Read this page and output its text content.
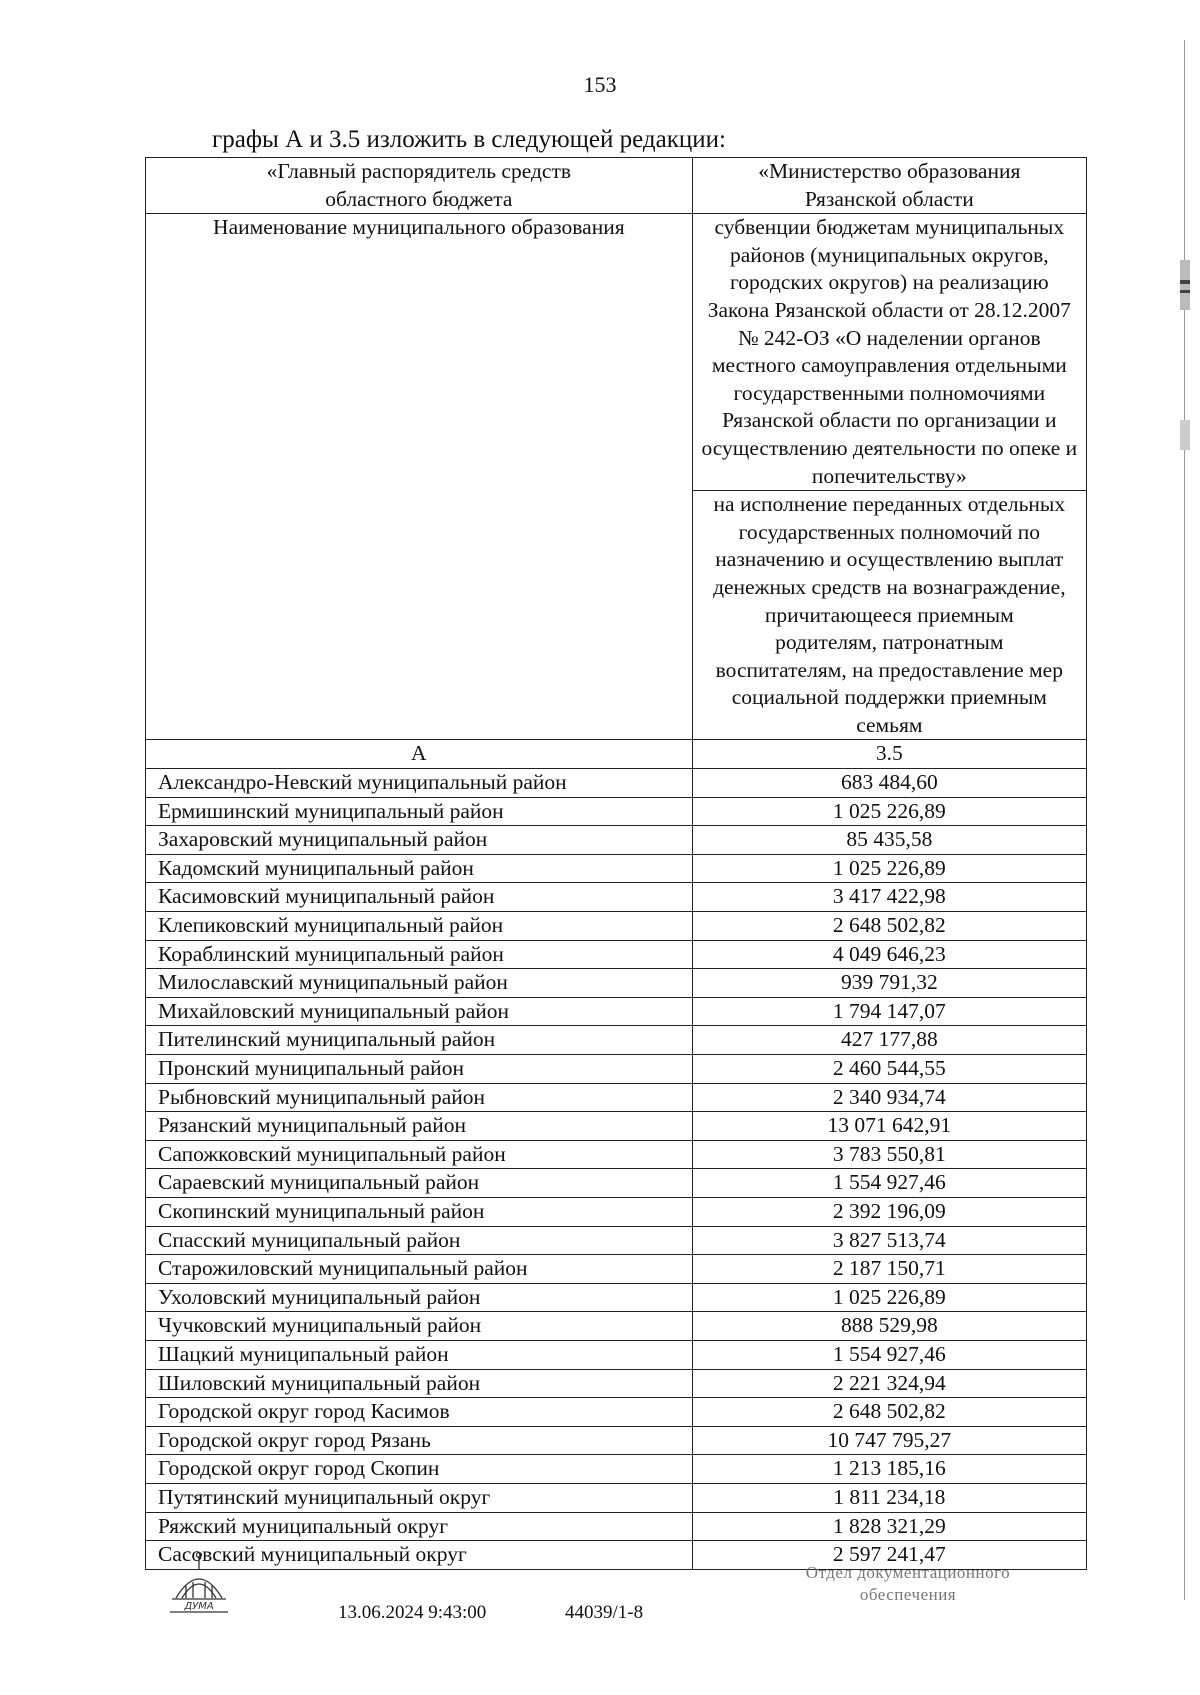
153
графы А и 3.5 изложить в следующей редакции:
«Главный распорядитель средств областного бюджета	«Министерство образования Рязанской области
Наименование муниципального образования	субвенции бюджетам муниципальных районов (муниципальных округов, городских округов) на реализацию Закона Рязанской области от 28.12.2007 № 242-ОЗ «О наделении органов местного самоуправления отдельными государственными полномочиями Рязанской области по организации и осуществлению деятельности по опеке и попечительству»
	на исполнение переданных отдельных государственных полномочий по назначению и осуществлению выплат денежных средств на вознаграждение, причитающееся приемным родителям, патронатным воспитателям, на предоставление мер социальной поддержки приемным семьям
А	3.5
Александро-Невский муниципальный район	683 484,60
Ермишинский муниципальный район	1 025 226,89
Захаровский муниципальный район	85 435,58
Кадомский муниципальный район	1 025 226,89
Касимовский муниципальный район	3 417 422,98
Клепиковский муниципальный район	2 648 502,82
Кораблинский муниципальный район	4 049 646,23
Милославский муниципальный район	939 791,32
Михайловский муниципальный район	1 794 147,07
Пителинский муниципальный район	427 177,88
Пронский муниципальный район	2 460 544,55
Рыбновский муниципальный район	2 340 934,74
Рязанский муниципальный район	13 071 642,91
Сапожковский муниципальный район	3 783 550,81
Сараевский муниципальный район	1 554 927,46
Скопинский муниципальный район	2 392 196,09
Спасский муниципальный район	3 827 513,74
Старожиловский муниципальный район	2 187 150,71
Ухоловский муниципальный район	1 025 226,89
Чучковский муниципальный район	888 529,98
Шацкий муниципальный район	1 554 927,46
Шиловский муниципальный район	2 221 324,94
Городской округ город Касимов	2 648 502,82
Городской округ город Рязань	10 747 795,27
Городской округ город Скопин	1 213 185,16
Путятинский муниципальный округ	1 811 234,18
Ряжский муниципальный округ	1 828 321,29
Сасовский муниципальный округ	2 597 241,47
ДУМА	13.06.2024 9:43:00	44039/1-8
Отдел документационного
обеспечения
